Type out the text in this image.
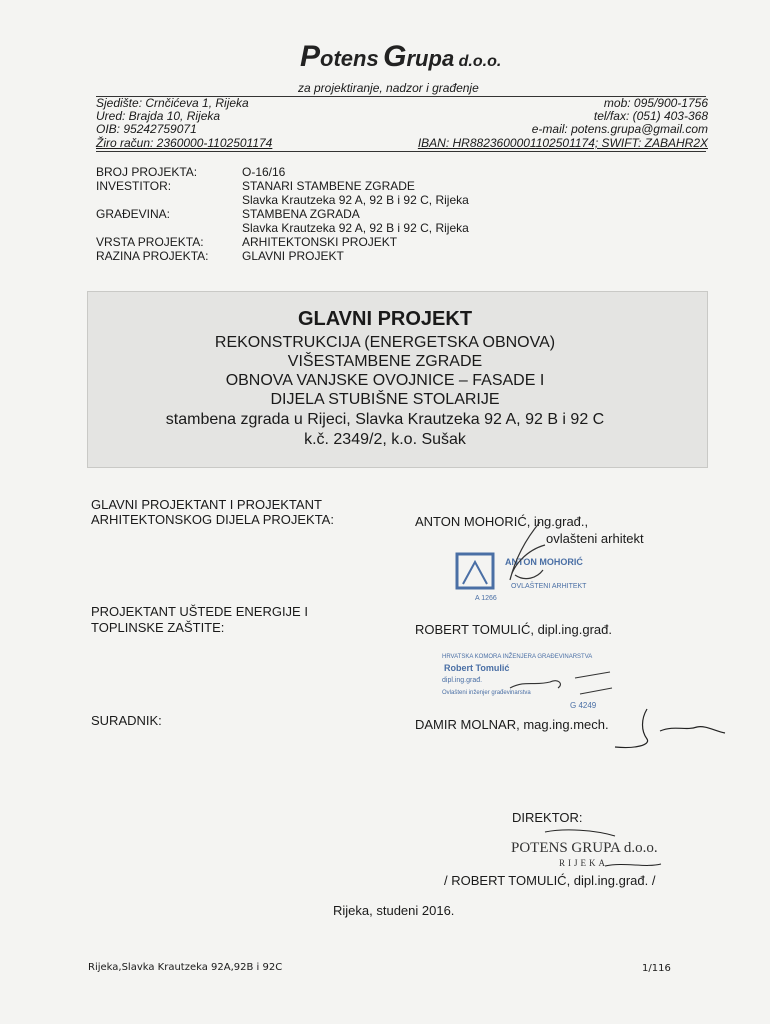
Potens Grupa d.o.o.
za projektiranje, nadzor i građenje
Sjedište: Crnčićeva 1, Rijeka
Ured: Brajda 10, Rijeka
OIB: 95242759071
Žiro račun: 2360000-1102501174
mob: 095/900-1756
tel/fax: (051) 403-368
e-mail: potens.grupa@gmail.com
IBAN: HR8823600001102501174; SWIFT: ZABAHR2X
BROJ PROJEKTA:	O-16/16
INVESTITOR:	STANARI STAMBENE ZGRADE
Slavka Krautzeka 92 A, 92 B i 92 C, Rijeka
GRAĐEVINA:	STAMBENA ZGRADA
Slavka Krautzeka 92 A, 92 B i 92 C, Rijeka
VRSTA PROJEKTA:	ARHITEKTONSKI PROJEKT
RAZINA PROJEKTA:	GLAVNI PROJEKT
GLAVNI PROJEKT
REKONSTRUKCIJA (ENERGETSKA OBNOVA)
VIŠESTAMBENE ZGRADE
OBNOVA VANJSKE OVOJNICE – FASADE I
DIJELA STUBIŠNE STOLARIJE
stambena zgrada u Rijeci, Slavka Krautzeka 92 A, 92 B i 92 C
k.č. 2349/2, k.o. Sušak
GLAVNI PROJEKTANT I PROJEKTANT
ARHITEKTONSKOG DIJELA PROJEKTA:	ANTON MOHORIĆ, ing.građ.,
ovlašteni arhitekt
ANTON MOHORIĆ
OVLAŠTENI ARHITEKT
A 1266
PROJEKTANT UŠTEDE ENERGIJE I
TOPLINSKE ZAŠTITE:	ROBERT TOMULIĆ, dipl.ing.građ.
HRVATSKA KOMORA INŽENJERA GRAĐEVINARSTVA
Robert Tomulić
dipl.ing.građ.
Ovlašteni inženjer građevinarstva
G 4249
SURADNIK:	DAMIR MOLNAR, mag.ing.mech.
DIREKTOR:
POTENS GRUPA d.o.o.
RIJEKA
/ ROBERT TOMULIĆ, dipl.ing.građ. /
Rijeka, studeni 2016.
Rijeka,Slavka Krautzeka 92A,92B i 92C	1/116
